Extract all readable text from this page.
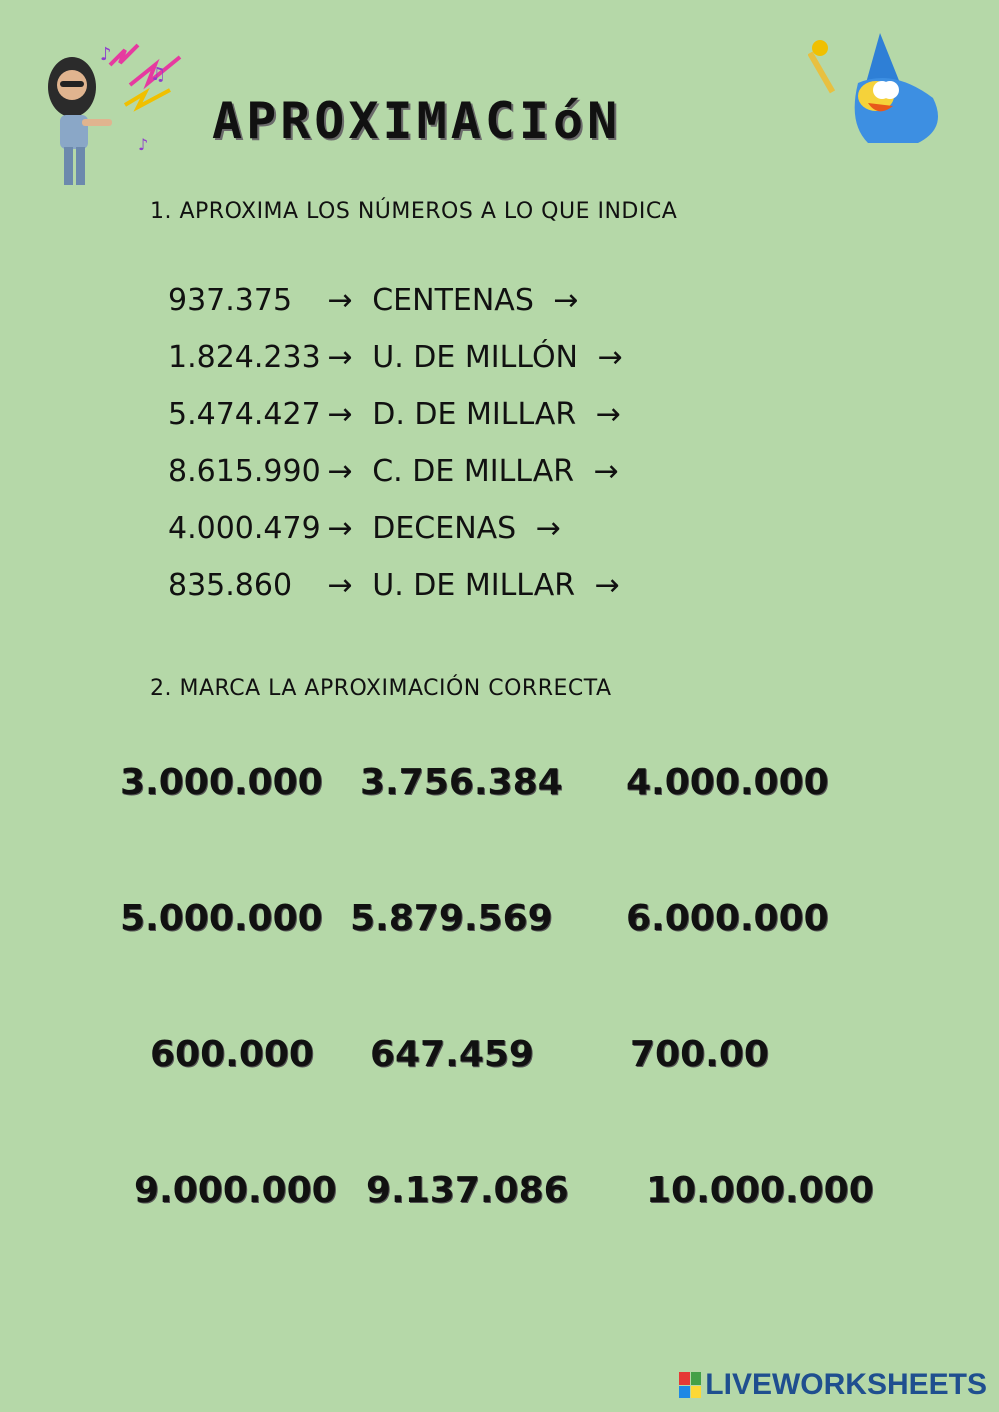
♪
♫
♪ APROXIMACIóN
1. APROXIMA LOS NÚMEROS A LO QUE INDICA
937.375 → CENTENAS →
1.824.233 → U. DE MILLÓN →
5.474.427 → D. DE MILLAR →
8.615.990 → C. DE MILLAR →
4.000.479 → DECENAS →
835.860 → U. DE MILLAR →
2. MARCA LA APROXIMACIÓN CORRECTA
3.000.000 3.756.384 4.000.000
5.000.000 5.879.569 6.000.000
600.000 647.459	700.00
9.000.000 9.137.086 10.000.000
LIVEWORKSHEETS
